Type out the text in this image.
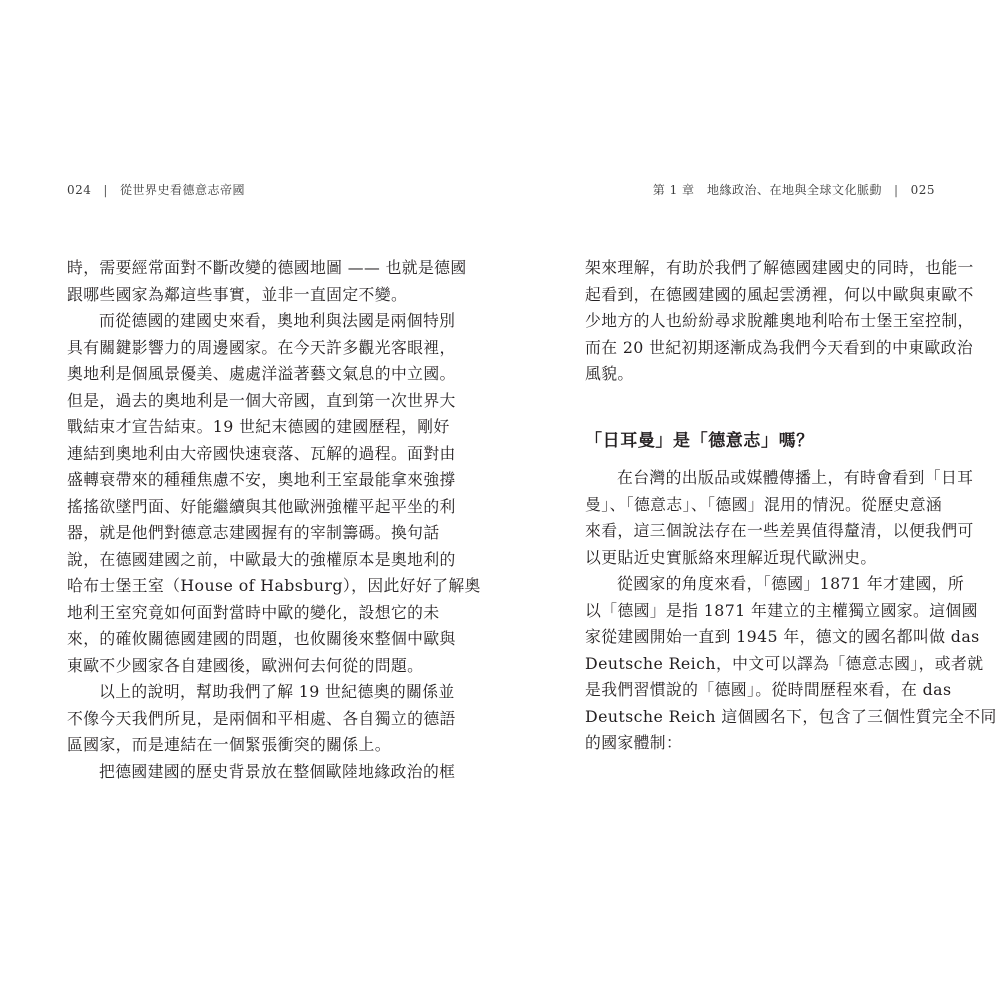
024 | 從世界史看德意志帝國	第 1 章　地緣政治、在地與全球文化脈動 | 025
時，需要經常面對不斷改變的德國地圖 —— 也就是德國
跟哪些國家為鄰這些事實，並非一直固定不變。
而從德國的建國史來看，奧地利與法國是兩個特別
具有關鍵影響力的周邊國家。在今天許多觀光客眼裡，
奧地利是個風景優美、處處洋溢著藝文氣息的中立國。
但是，過去的奧地利是一個大帝國，直到第一次世界大
戰結束才宣告結束。19 世紀末德國的建國歷程，剛好
連結到奧地利由大帝國快速衰落、瓦解的過程。面對由
盛轉衰帶來的種種焦慮不安，奧地利王室最能拿來強撐
搖搖欲墜門面、好能繼續與其他歐洲強權平起平坐的利
器，就是他們對德意志建國握有的宰制籌碼。換句話
說，在德國建國之前，中歐最大的強權原本是奧地利的
哈布士堡王室（House of Habsburg），因此好好了解奧
地利王室究竟如何面對當時中歐的變化，設想它的未
來，的確攸關德國建國的問題，也攸關後來整個中歐與
東歐不少國家各自建國後，歐洲何去何從的問題。
以上的說明，幫助我們了解 19 世紀德奧的關係並
不像今天我們所見，是兩個和平相處、各自獨立的德語
區國家，而是連結在一個緊張衝突的關係上。
把德國建國的歷史背景放在整個歐陸地緣政治的框
架來理解，有助於我們了解德國建國史的同時，也能一
起看到，在德國建國的風起雲湧裡，何以中歐與東歐不
少地方的人也紛紛尋求脫離奧地利哈布士堡王室控制，
而在 20 世紀初期逐漸成為我們今天看到的中東歐政治
風貌。
「日耳曼」是「德意志」嗎？
在台灣的出版品或媒體傳播上，有時會看到「日耳
曼」、「德意志」、「德國」混用的情況。從歷史意涵
來看，這三個說法存在一些差異值得釐清，以便我們可
以更貼近史實脈絡來理解近現代歐洲史。
從國家的角度來看，「德國」1871 年才建國，所
以「德國」是指 1871 年建立的主權獨立國家。這個國
家從建國開始一直到 1945 年，德文的國名都叫做 das
Deutsche Reich，中文可以譯為「德意志國」，或者就
是我們習慣說的「德國」。從時間歷程來看，在 das
Deutsche Reich 這個國名下，包含了三個性質完全不同
的國家體制：
